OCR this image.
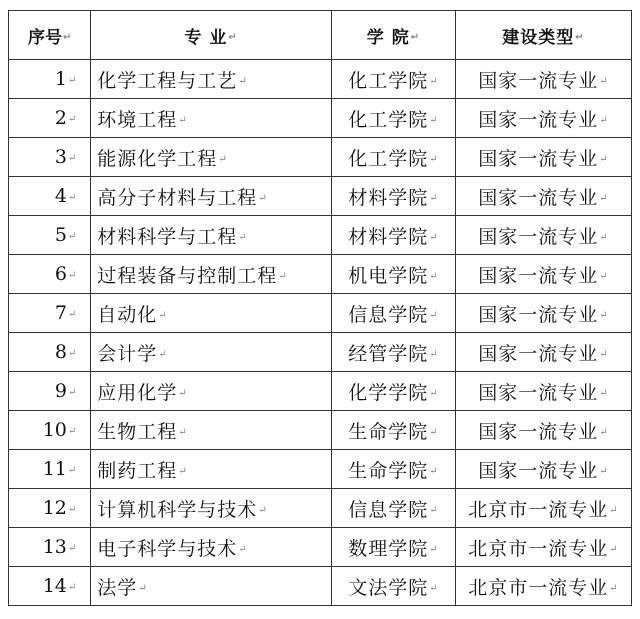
序号↵	专 业↵	学 院↵	建设类型↵
1↵	化学工程与工艺↵	化工学院↵	国家一流专业↵
2↵	环境工程↵	化工学院↵	国家一流专业↵
3↵	能源化学工程↵	化工学院↵	国家一流专业↵
4↵	高分子材料与工程↵	材料学院↵	国家一流专业↵
5↵	材料科学与工程↵	材料学院↵	国家一流专业↵
6↵	过程装备与控制工程↵	机电学院↵	国家一流专业↵
7↵	自动化↵	信息学院↵	国家一流专业↵
8↵	会计学↵	经管学院↵	国家一流专业↵
9↵	应用化学↵	化学学院↵	国家一流专业↵
10↵	生物工程↵	生命学院↵	国家一流专业↵
11↵	制药工程↵	生命学院↵	国家一流专业↵
12↵	计算机科学与技术↵	信息学院↵	北京市一流专业↵
13↵	电子科学与技术↵	数理学院↵	北京市一流专业↵
14↵	法学↵	文法学院↵	北京市一流专业↵
